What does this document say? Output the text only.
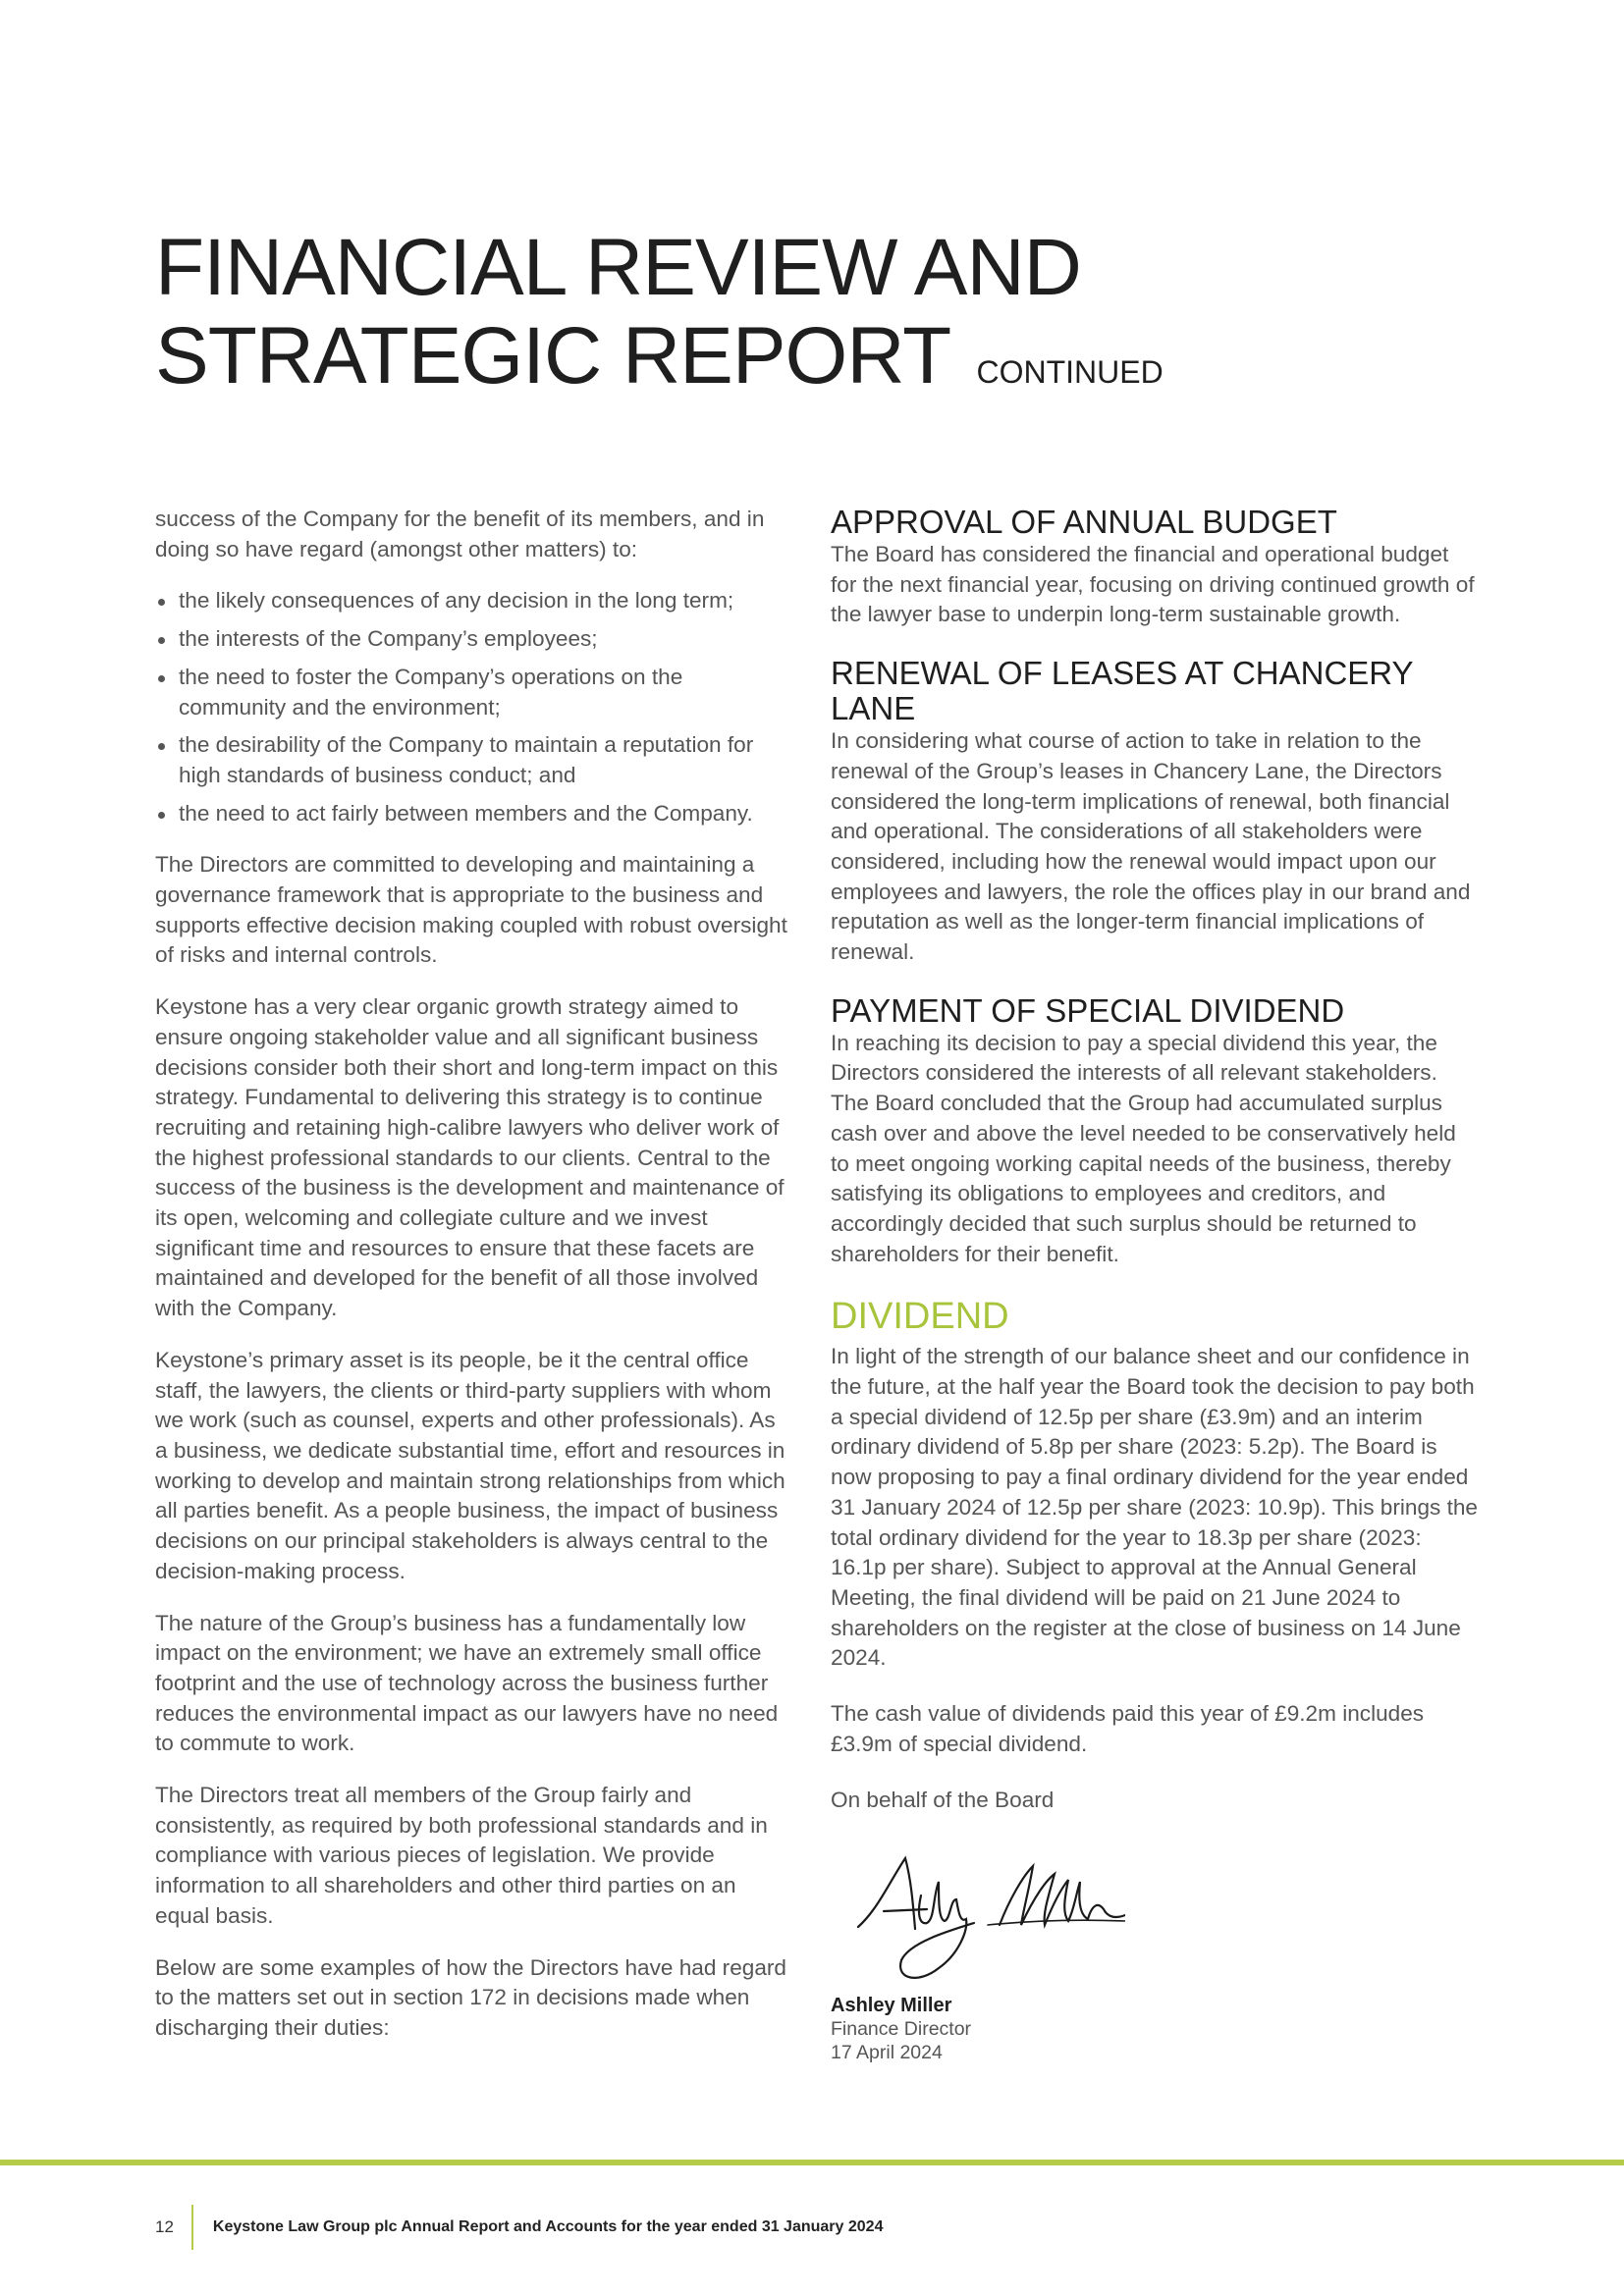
FINANCIAL REVIEW AND
STRATEGIC REPORT CONTINUED

success of the Company for the benefit of its members, and in doing so have regard (amongst other matters) to:

the likely consequences of any decision in the long term;
the interests of the Company’s employees;
the need to foster the Company’s operations on the community and the environment;
the desirability of the Company to maintain a reputation for high standards of business conduct; and
the need to act fairly between members and the Company.

The Directors are committed to developing and maintaining a governance framework that is appropriate to the business and supports effective decision making coupled with robust oversight of risks and internal controls.

Keystone has a very clear organic growth strategy aimed to ensure ongoing stakeholder value and all significant business decisions consider both their short and long-term impact on this strategy. Fundamental to delivering this strategy is to continue recruiting and retaining high-calibre lawyers who deliver work of the highest professional standards to our clients. Central to the success of the business is the development and maintenance of its open, welcoming and collegiate culture and we invest significant time and resources to ensure that these facets are maintained and developed for the benefit of all those involved with the Company.

Keystone’s primary asset is its people, be it the central office staff, the lawyers, the clients or third-party suppliers with whom we work (such as counsel, experts and other professionals). As a business, we dedicate substantial time, effort and resources in working to develop and maintain strong relationships from which all parties benefit. As a people business, the impact of business decisions on our principal stakeholders is always central to the decision-making process.

The nature of the Group’s business has a fundamentally low impact on the environment; we have an extremely small office footprint and the use of technology across the business further reduces the environmental impact as our lawyers have no need to commute to work.

The Directors treat all members of the Group fairly and consistently, as required by both professional standards and in compliance with various pieces of legislation. We provide information to all shareholders and other third parties on an equal basis.

Below are some examples of how the Directors have had regard to the matters set out in section 172 in decisions made when discharging their duties:

APPROVAL OF ANNUAL BUDGET

The Board has considered the financial and operational budget for the next financial year, focusing on driving continued growth of the lawyer base to underpin long-term sustainable growth.

RENEWAL OF LEASES AT CHANCERY LANE

In considering what course of action to take in relation to the renewal of the Group’s leases in Chancery Lane, the Directors considered the long-term implications of renewal, both financial and operational. The considerations of all stakeholders were considered, including how the renewal would impact upon our employees and lawyers, the role the offices play in our brand and reputation as well as the longer-term financial implications of renewal.

PAYMENT OF SPECIAL DIVIDEND

In reaching its decision to pay a special dividend this year, the Directors considered the interests of all relevant stakeholders. The Board concluded that the Group had accumulated surplus cash over and above the level needed to be conservatively held to meet ongoing working capital needs of the business, thereby satisfying its obligations to employees and creditors, and accordingly decided that such surplus should be returned to shareholders for their benefit.

DIVIDEND

In light of the strength of our balance sheet and our confidence in the future, at the half year the Board took the decision to pay both a special dividend of 12.5p per share (£3.9m) and an interim ordinary dividend of 5.8p per share (2023: 5.2p). The Board is now proposing to pay a final ordinary dividend for the year ended 31 January 2024 of 12.5p per share (2023: 10.9p). This brings the total ordinary dividend for the year to 18.3p per share (2023: 16.1p per share). Subject to approval at the Annual General Meeting, the final dividend will be paid on 21 June 2024 to shareholders on the register at the close of business on 14 June 2024.

The cash value of dividends paid this year of £9.2m includes £3.9m of special dividend.

On behalf of the Board

Ashley Miller
Finance Director
17 April 2024
12	Keystone Law Group plc Annual Report and Accounts for the year ended 31 January 2024
